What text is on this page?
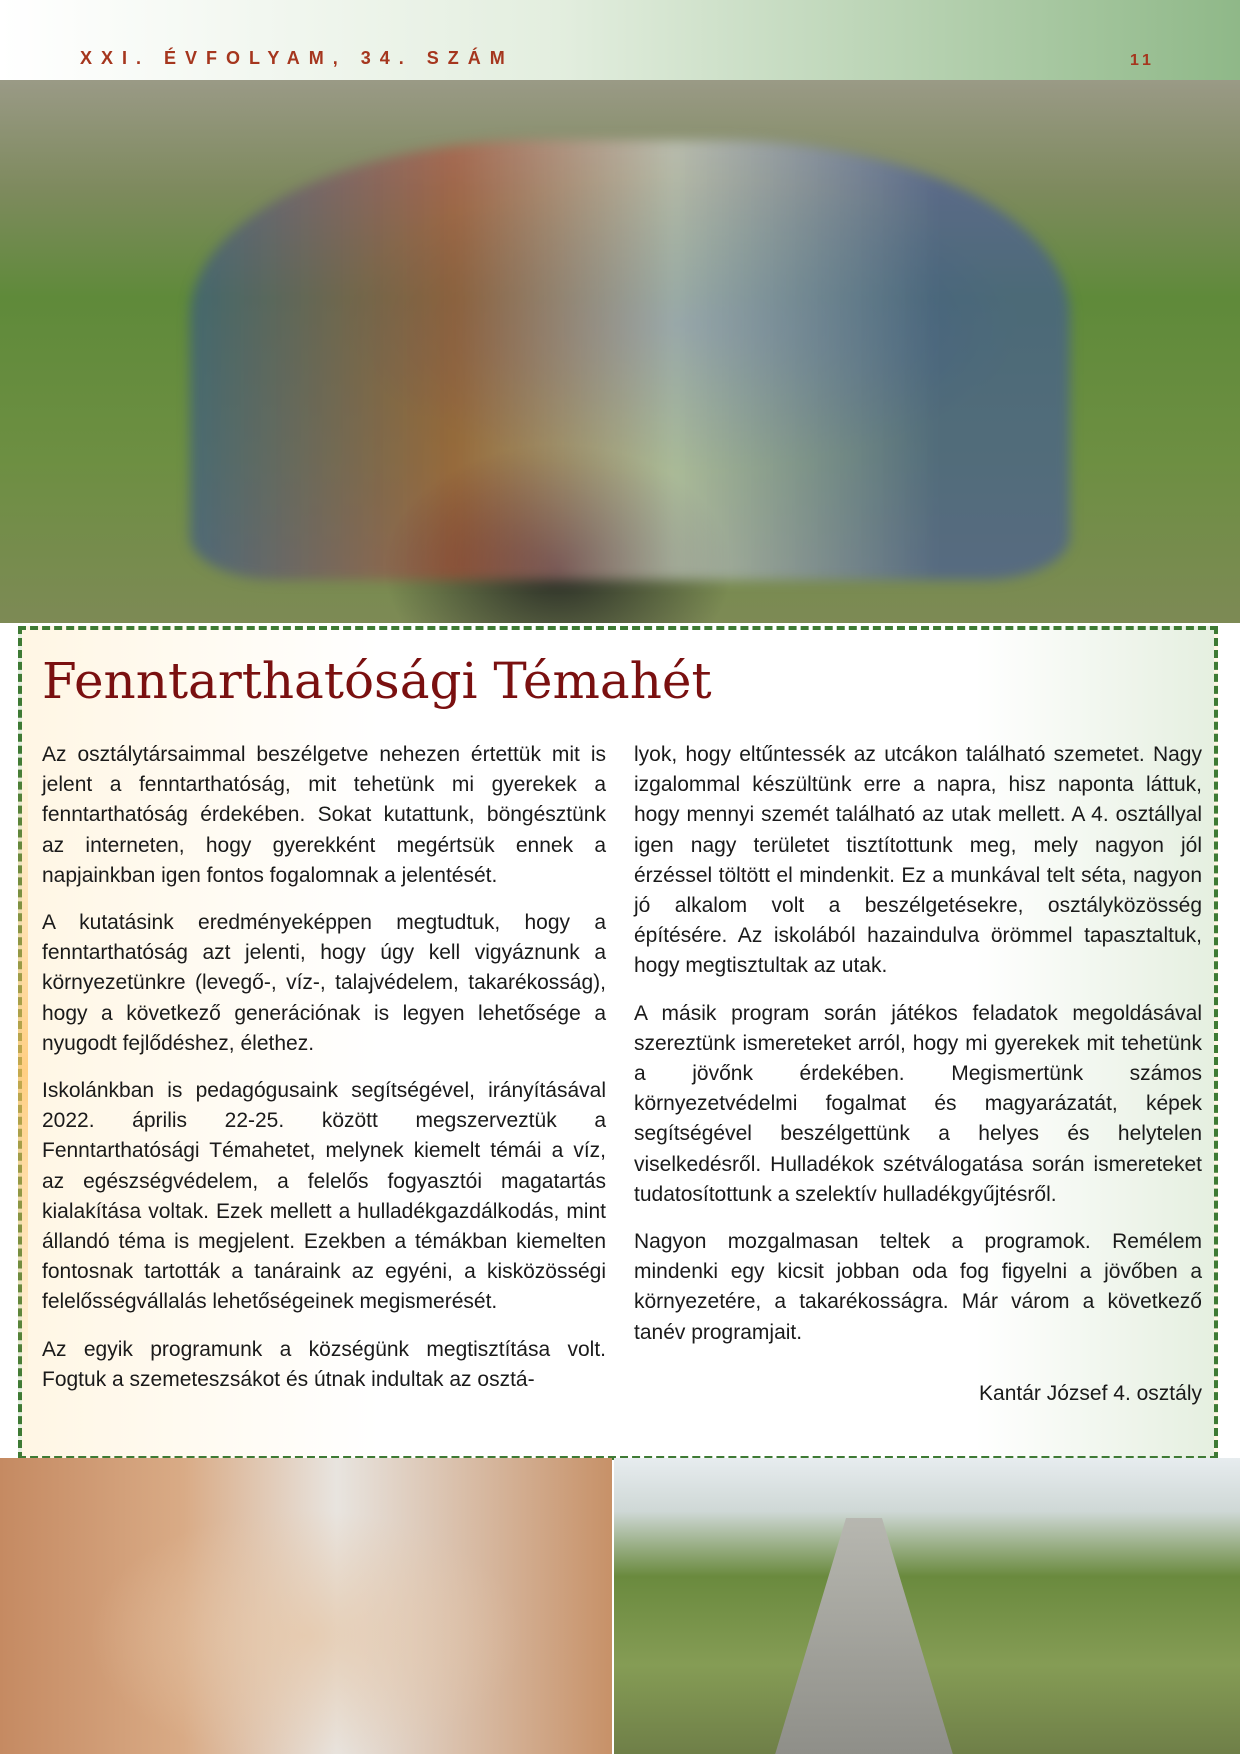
XXI. ÉVFOLYAM, 34. SZÁM	11
Fenntarthatósági Témahét

Az osztálytársaimmal beszélgetve nehezen értettük mit is jelent a fenntarthatóság, mit tehetünk mi gyerekek a fenntarthatóság érdekében. Sokat kutattunk, böngésztünk az interneten, hogy gyerekként megértsük ennek a napjainkban igen fontos fogalomnak a jelentését.

A kutatásink eredményeképpen megtudtuk, hogy a fenntarthatóság azt jelenti, hogy úgy kell vigyáznunk a környezetünkre (levegő-, víz-, talajvédelem, takarékosság), hogy a következő generációnak is legyen lehetősége a nyugodt fejlődéshez, élethez.

Iskolánkban is pedagógusaink segítségével, irányításával 2022. április 22-25. között megszerveztük a Fenntarthatósági Témahetet, melynek kiemelt témái a víz, az egészségvédelem, a felelős fogyasztói magatartás kialakítása voltak. Ezek mellett a hulladékgazdálkodás, mint állandó téma is megjelent. Ezekben a témákban kiemelten fontosnak tartották a tanáraink az egyéni, a kisközösségi felelősségvállalás lehetőségeinek megismerését.

Az egyik programunk a községünk megtisztítása volt. Fogtuk a szemeteszsákot és útnak indultak az osztá-

lyok, hogy eltűntessék az utcákon található szemetet. Nagy izgalommal készültünk erre a napra, hisz naponta láttuk, hogy mennyi szemét található az utak mellett. A 4. osztállyal igen nagy területet tisztítottunk meg, mely nagyon jól érzéssel töltött el mindenkit. Ez a munkával telt séta, nagyon jó alkalom volt a beszélgetésekre, osztályközösség építésére. Az iskolából hazaindulva örömmel tapasztaltuk, hogy megtisztultak az utak.

A másik program során játékos feladatok megoldásával szereztünk ismereteket arról, hogy mi gyerekek mit tehetünk a jövőnk érdekében. Megismertünk számos környezetvédelmi fogalmat és magyarázatát, képek segítségével beszélgettünk a helyes és helytelen viselkedésről. Hulladékok szétválogatása során ismereteket tudatosítottunk a szelektív hulladékgyűjtésről.

Nagyon mozgalmasan teltek a programok. Remélem mindenki egy kicsit jobban oda fog figyelni a jövőben a környezetére, a takarékosságra. Már várom a következő tanév programjait.

Kantár József 4. osztály
